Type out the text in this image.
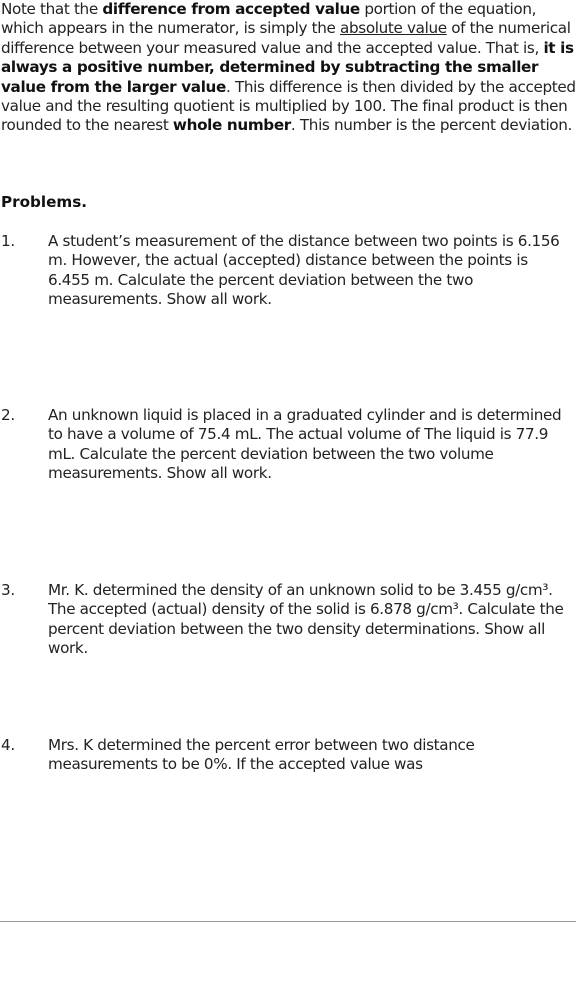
Note that the difference from accepted value portion of the equation, which appears in the numerator, is simply the absolute value of the numerical difference between your measured value and the accepted value. That is, it is always a positive number, determined by subtracting the smaller value from the larger value. This difference is then divided by the accepted value and the resulting quotient is multiplied by 100. The final product is then rounded to the nearest whole number. This number is the percent deviation.

Problems.

1.	A student’s measurement of the distance between two points is 6.156 m. However, the actual (accepted) distance between the points is 6.455 m. Calculate the percent deviation between the two measurements. Show all work.

2.	An unknown liquid is placed in a graduated cylinder and is determined to have a volume of 75.4 mL. The actual volume of The liquid is 77.9 mL. Calculate the percent deviation between the two volume measurements. Show all work.

3.	Mr. K. determined the density of an unknown solid to be 3.455 g/cm³. The accepted (actual) density of the solid is 6.878 g/cm³. Calculate the percent deviation between the two density determinations. Show all work.

4.	Mrs. K determined the percent error between two distance measurements to be 0%. If the accepted value was
